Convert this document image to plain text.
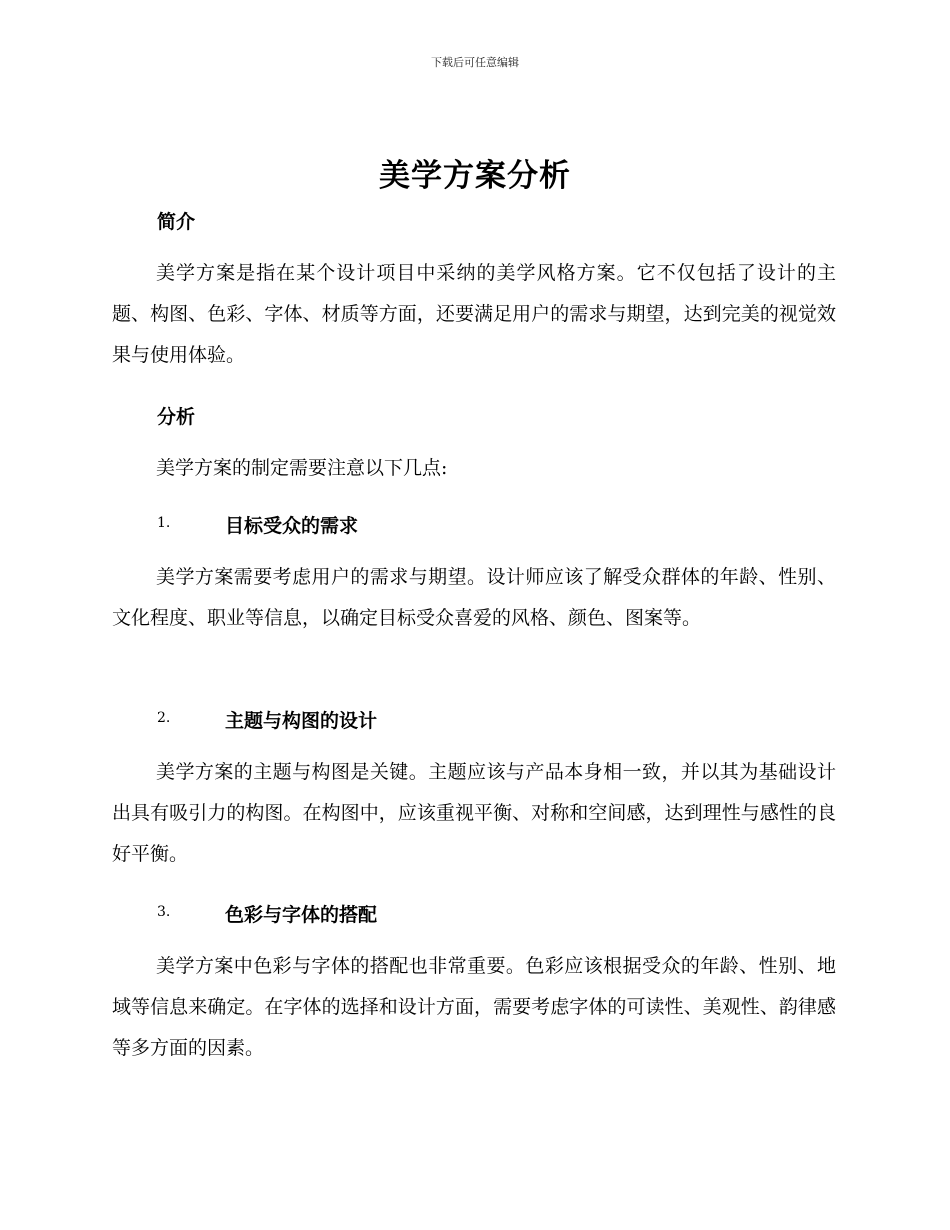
下载后可任意编辑
美学方案分析
简介
美学方案是指在某个设计项目中采纳的美学风格方案。它不仅包括了设计的主题、构图、色彩、字体、材质等方面，还要满足用户的需求与期望，达到完美的视觉效果与使用体验。
分析
美学方案的制定需要注意以下几点:
1.	目标受众的需求
美学方案需要考虑用户的需求与期望。设计师应该了解受众群体的年龄、性别、文化程度、职业等信息，以确定目标受众喜爱的风格、颜色、图案等。
2.	主题与构图的设计
美学方案的主题与构图是关键。主题应该与产品本身相一致，并以其为基础设计出具有吸引力的构图。在构图中，应该重视平衡、对称和空间感，达到理性与感性的良好平衡。
3.	色彩与字体的搭配
美学方案中色彩与字体的搭配也非常重要。色彩应该根据受众的年龄、性别、地域等信息来确定。在字体的选择和设计方面，需要考虑字体的可读性、美观性、韵律感等多方面的因素。
